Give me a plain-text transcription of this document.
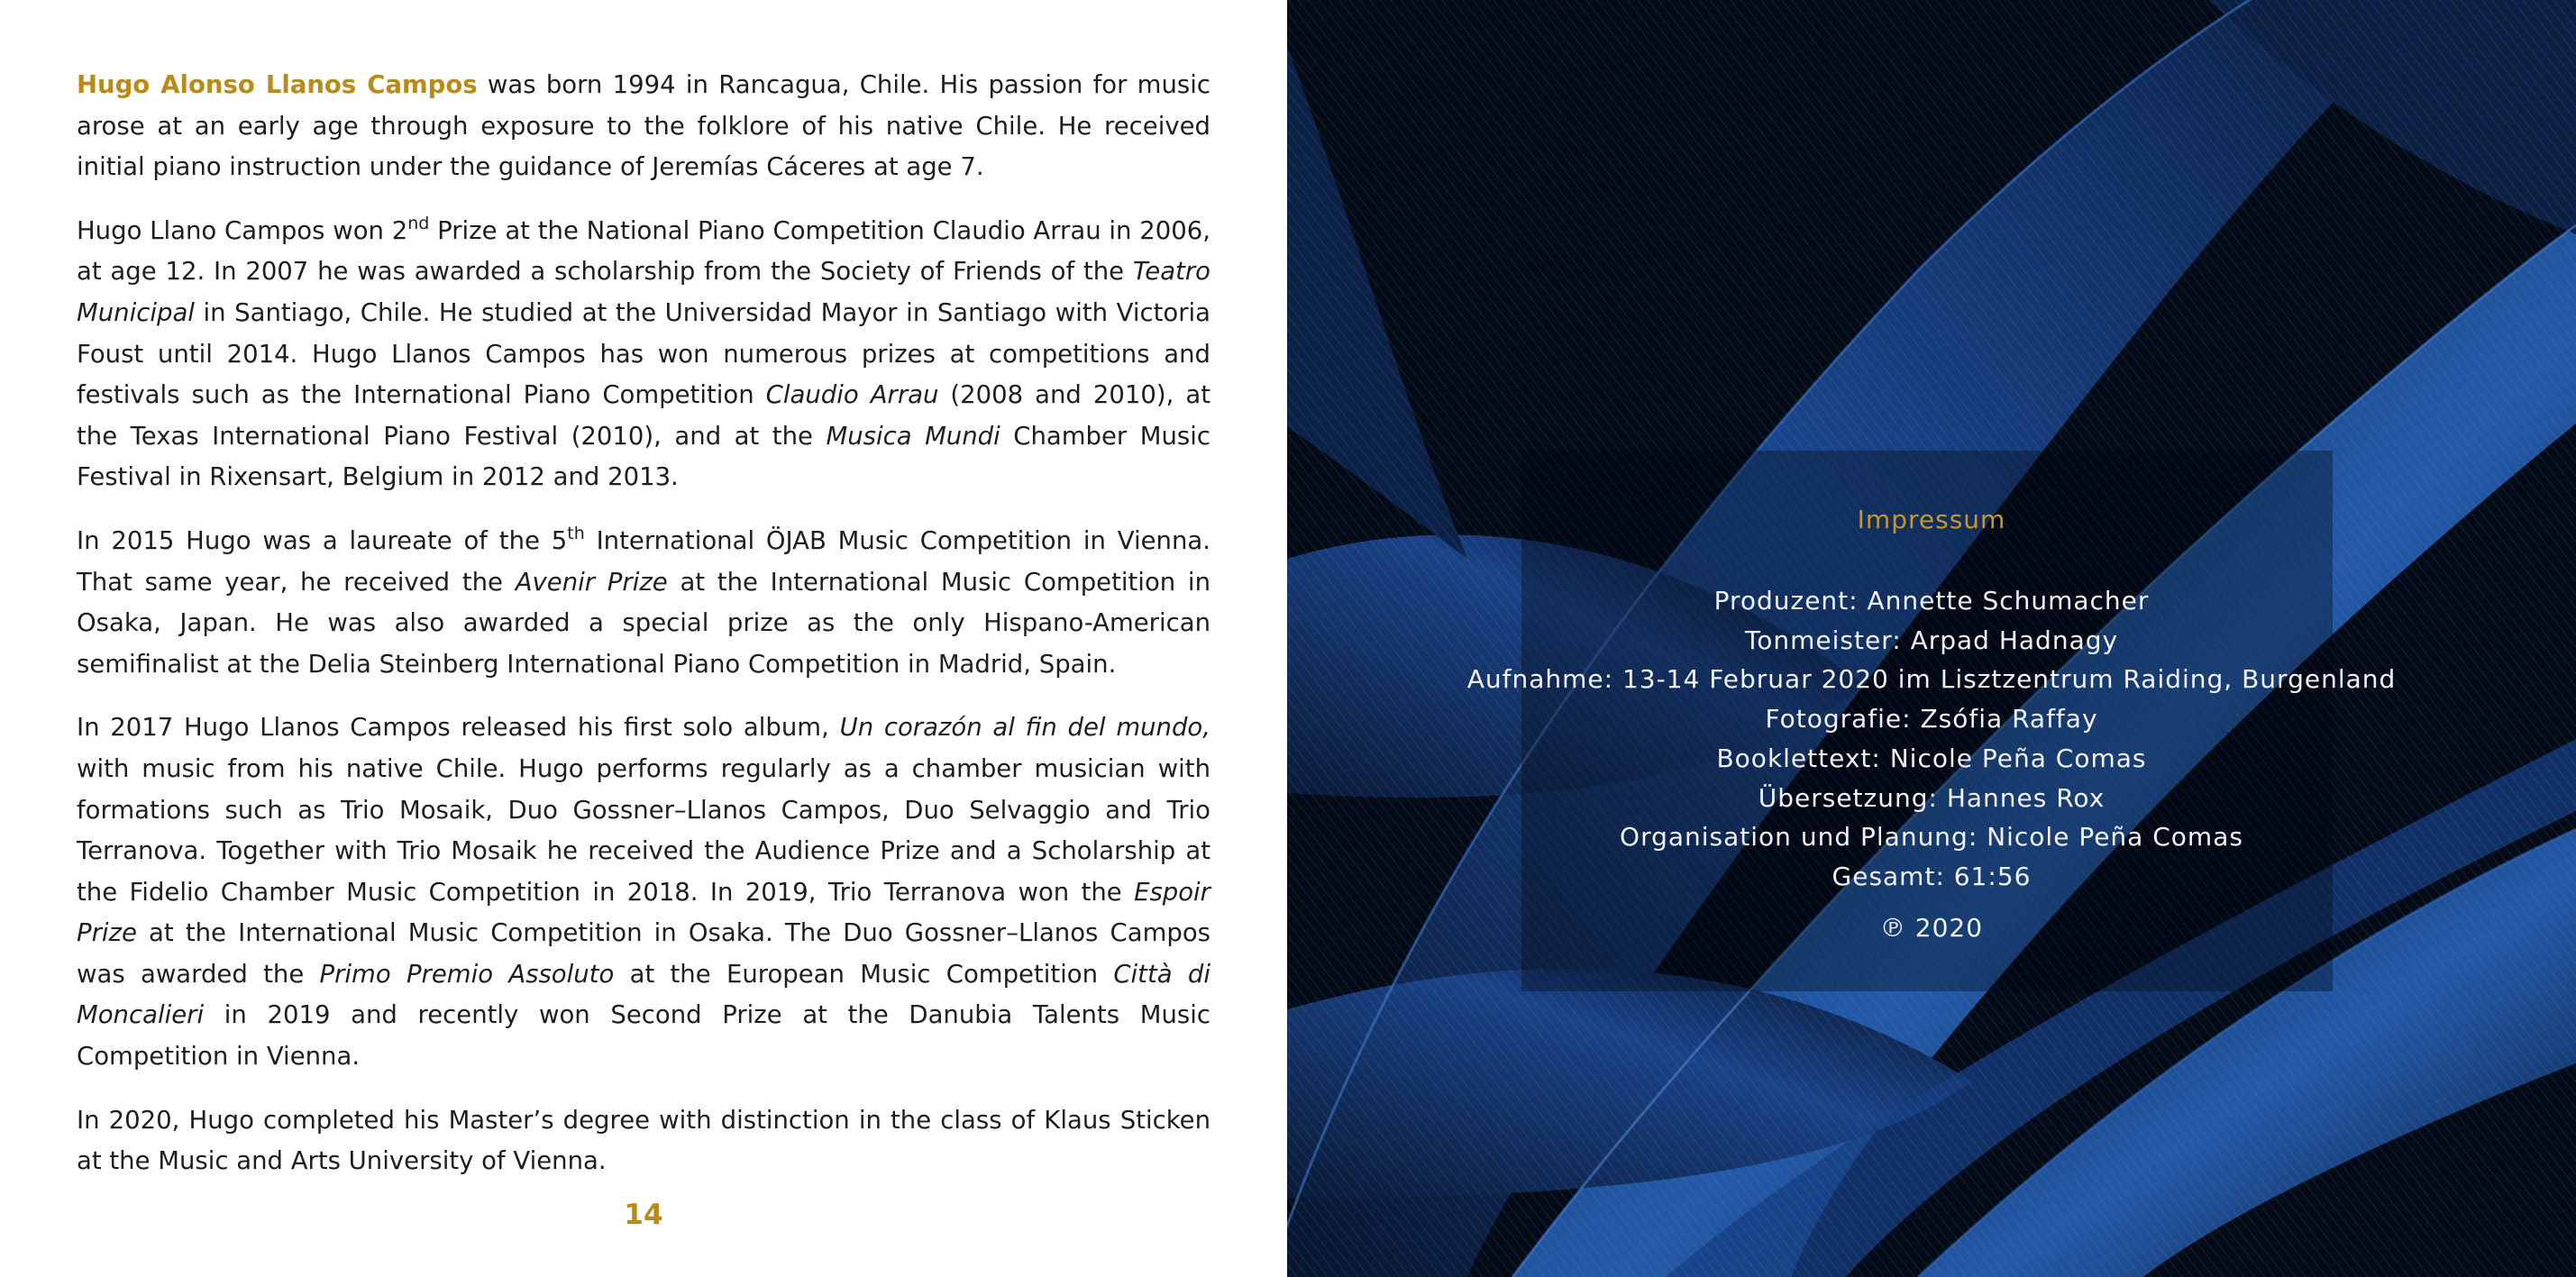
Hugo Alonso Llanos Campos was born 1994 in Rancagua, Chile. His passion for music arose at an early age through exposure to the folklore of his native Chile. He received initial piano instruction under the guidance of Jeremías Cáceres at age 7.

Hugo Llano Campos won 2nd Prize at the National Piano Competition Claudio Arrau in 2006, at age 12. In 2007 he was awarded a scholarship from the Society of Friends of the Teatro Municipal in Santiago, Chile. He studied at the Universidad Mayor in Santiago with Victoria Foust until 2014. Hugo Llanos Campos has won numerous prizes at competitions and festivals such as the International Piano Competition Claudio Arrau (2008 and 2010), at the Texas International Piano Festival (2010), and at the Musica Mundi Chamber Music Festival in Rixensart, Belgium in 2012 and 2013.

In 2015 Hugo was a laureate of the 5th International ÖJAB Music Competition in Vienna. That same year, he received the Avenir Prize at the International Music Competition in Osaka, Japan. He was also awarded a special prize as the only Hispano-American semifinalist at the Delia Steinberg International Piano Competition in Madrid, Spain.

In 2017 Hugo Llanos Campos released his first solo album, Un corazón al fin del mundo, with music from his native Chile. Hugo performs regularly as a chamber musician with formations such as Trio Mosaik, Duo Gossner–Llanos Campos, Duo Selvaggio and Trio Terranova. Together with Trio Mosaik he received the Audience Prize and a Scholarship at the Fidelio Chamber Music Competition in 2018. In 2019, Trio Terranova won the Espoir Prize at the International Music Competition in Osaka. The Duo Gossner–Llanos Campos was awarded the Primo Premio Assoluto at the European Music Competition Città di Moncalieri in 2019 and recently won Second Prize at the Danubia Talents Music Competition in Vienna.

In 2020, Hugo completed his Master’s degree with distinction in the class of Klaus Sticken at the Music and Arts University of Vienna.

14
Impressum
Produzent: Annette Schumacher
Tonmeister: Arpad Hadnagy
Aufnahme: 13-14 Februar 2020 im Lisztzentrum Raiding, Burgenland
Fotografie: Zsófia Raffay
Booklettext: Nicole Peña Comas
Übersetzung: Hannes Rox
Organisation und Planung: Nicole Peña Comas
Gesamt: 61:56
℗ 2020
